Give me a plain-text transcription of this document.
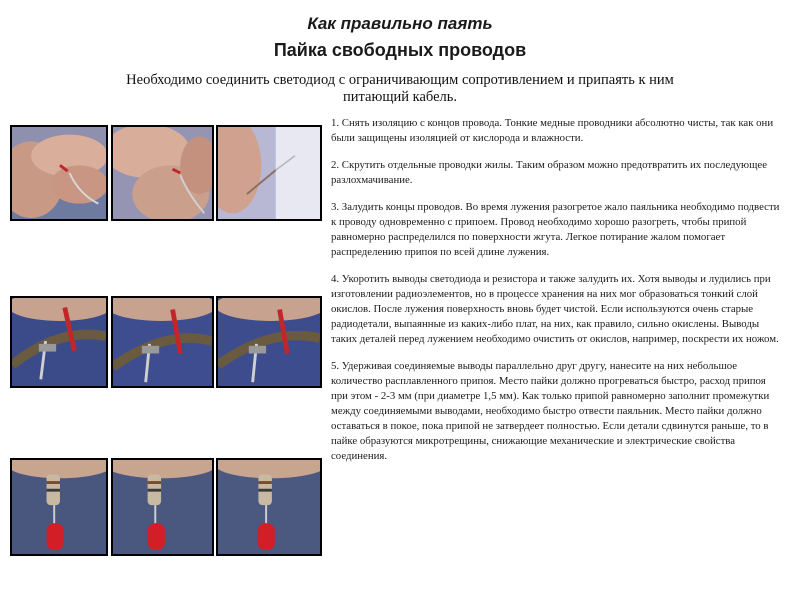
Как правильно паять
Пайка свободных проводов
Необходимо соединить светодиод с ограничивающим сопротивлением и припаять к ним питающий кабель.

1. Снять изоляцию с концов провода. Тонкие медные проводники абсолютно чисты, так как они были защищены изоляцией от кислорода и влажности.

2. Скрутить отдельные проводки жилы. Таким образом можно предотвратить их последующее разлохмачивание.

3. Залудить концы проводов. Во время лужения разогретое жало паяльника необходимо подвести к проводу одновременно с припоем. Провод необходимо хорошо разогреть, чтобы припой равномерно распределился по поверхности жгута. Легкое потирание жалом помогает распределению припоя по всей длине лужения.

4. Укоротить выводы светодиода и резистора и также залудить их. Хотя выводы и лудились при изготовлении радиоэлементов, но в процессе хранения на них мог образоваться тонкий слой окислов. После лужения поверхность вновь будет чистой. Если используются очень старые радиодетали, выпаянные из каких-либо плат, на них, как правило, сильно окислены. Выводы таких деталей перед лужением необходимо очистить от окислов, например, поскрести их ножом.

5. Удерживая соединяемые выводы параллельно друг другу, нанесите на них небольшое количество расплавленного припоя. Место пайки должно прогреваться быстро, расход припоя при этом - 2-3 мм (при диаметре 1,5 мм). Как только припой равномерно заполнит промежутки между соединяемыми выводами, необходимо быстро отвести паяльник. Место пайки должно оставаться в покое, пока припой не затвердеет полностью. Если детали сдвинутся раньше, то в пайке образуются микротрещины, снижающие механические и электрические свойства соединения.
